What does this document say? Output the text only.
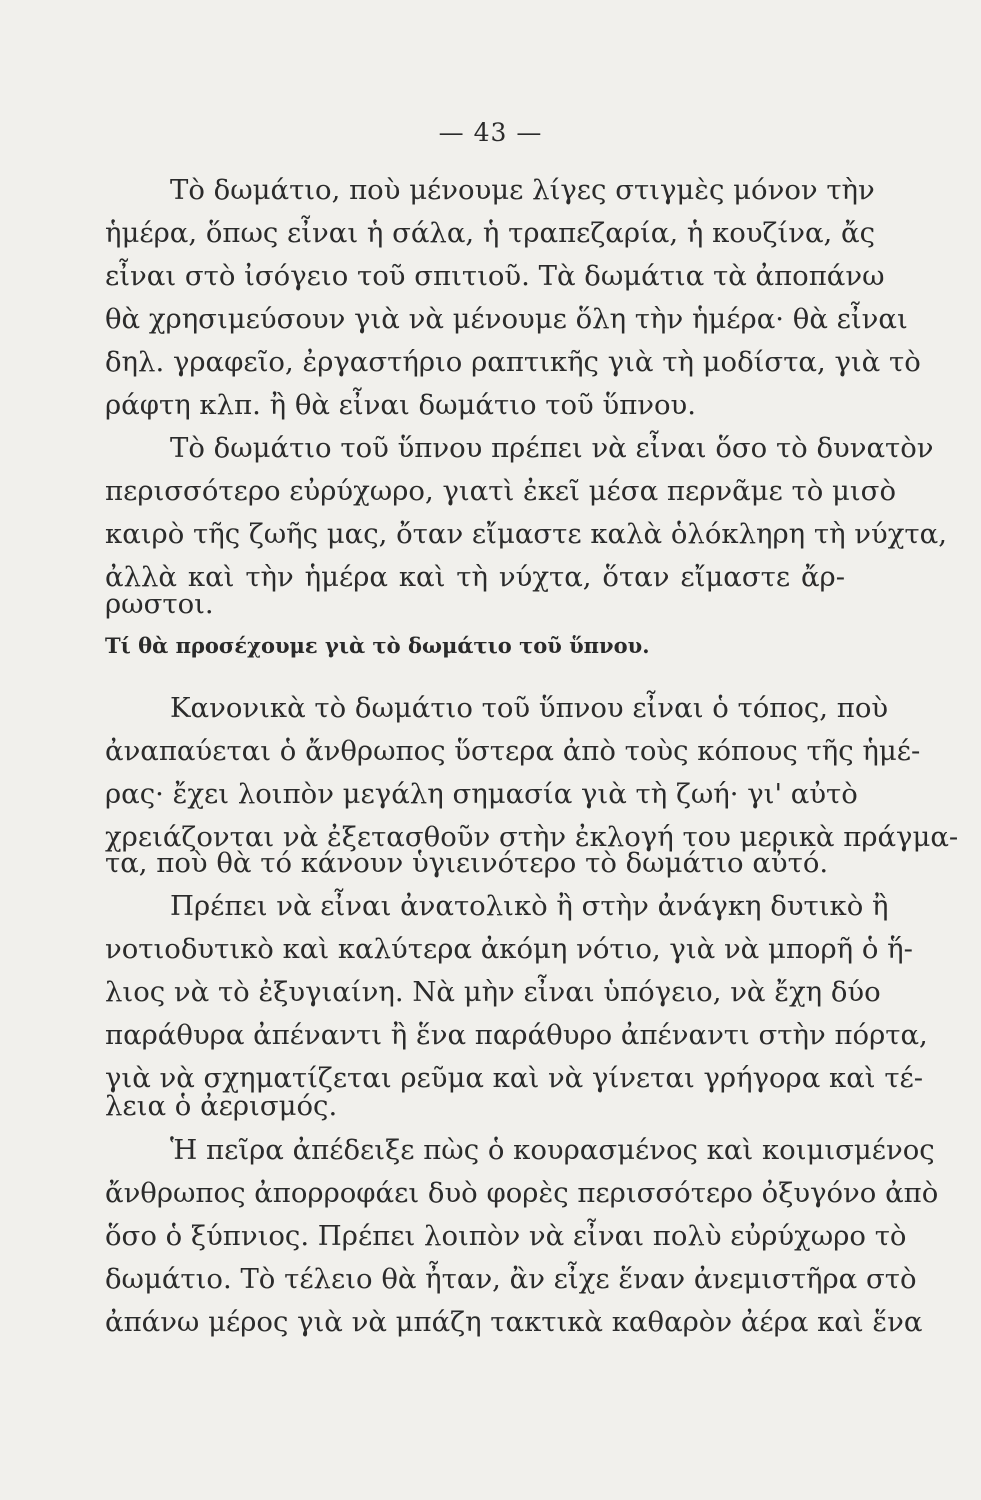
— 43 —
Τὸ δωμάτιο, ποὺ μένουμε λίγες στιγμὲς μόνον τὴν
ἡμέρα, ὅπως εἶναι ἡ σάλα, ἡ τραπεζαρία, ἡ κουζίνα, ἄς
εἶναι στὸ ἰσόγειο τοῦ σπιτιοῦ. Τὰ δωμάτια τὰ ἀποπάνω
θὰ χρησιμεύσουν γιὰ νὰ μένουμε ὅλη τὴν ἡμέρα· θὰ εἶναι
δηλ. γραφεῖο, ἐργαστήριο ραπτικῆς γιὰ τὴ μοδίστα, γιὰ τὸ
ράφτη κλπ. ἢ θὰ εἶναι δωμάτιο τοῦ ὕπνου.
Τὸ δωμάτιο τοῦ ὕπνου πρέπει νὰ εἶναι ὅσο τὸ δυνατὸν
περισσότερο εὐρύχωρο, γιατὶ ἐκεῖ μέσα περνᾶμε τὸ μισὸ
καιρὸ τῆς ζωῆς μας, ὄταν εἴμαστε καλὰ ὁλόκληρη τὴ νύχτα,
ἀλλὰ καὶ τὴν ἡμέρα καὶ τὴ νύχτα, ὅταν εἴμαστε ἄρ-
ρωστοι.
Τί θὰ προσέχουμε γιὰ τὸ δωμάτιο τοῦ ὕπνου.
Κανονικὰ τὸ δωμάτιο τοῦ ὕπνου εἶναι ὁ τόπος, ποὺ
ἀναπαύεται ὁ ἄνθρωπος ὕστερα ἀπὸ τοὺς κόπους τῆς ἡμέ-
ρας· ἔχει λοιπὸν μεγάλη σημασία γιὰ τὴ ζωή· γι' αὐτὸ
χρειάζονται νὰ ἐξετασθοῦν στὴν ἐκλογή του μερικὰ πράγμα-
τα, ποὺ θὰ τό κάνουν ὑγιεινότερο τὸ δωμάτιο αὐτό.
Πρέπει νὰ εἶναι ἀνατολικὸ ἢ στὴν ἀνάγκη δυτικὸ ἢ
νοτιοδυτικὸ καὶ καλύτερα ἀκόμη νότιο, γιὰ νὰ μπορῆ ὁ ἥ-
λιος νὰ τὸ ἐξυγιαίνη. Νὰ μὴν εἶναι ὑπόγειο, νὰ ἔχη δύο
παράθυρα ἀπέναντι ἢ ἕνα παράθυρο ἀπέναντι στὴν πόρτα,
γιὰ νὰ σχηματίζεται ρεῦμα καὶ νὰ γίνεται γρήγορα καὶ τέ-
λεια ὁ ἀερισμός.
Ἡ πεῖρα ἀπέδειξε πὼς ὁ κουρασμένος καὶ κοιμισμένος
ἄνθρωπος ἀπορροφάει δυὸ φορὲς περισσότερο ὀξυγόνο ἀπὸ
ὅσο ὁ ξύπνιος. Πρέπει λοιπὸν νὰ εἶναι πολὺ εὐρύχωρο τὸ
δωμάτιο. Τὸ τέλειο θὰ ἦταν, ἂν εἶχε ἕναν ἀνεμιστῆρα στὸ
ἀπάνω μέρος γιὰ νὰ μπάζη τακτικὰ καθαρὸν ἀέρα καὶ ἕνα
